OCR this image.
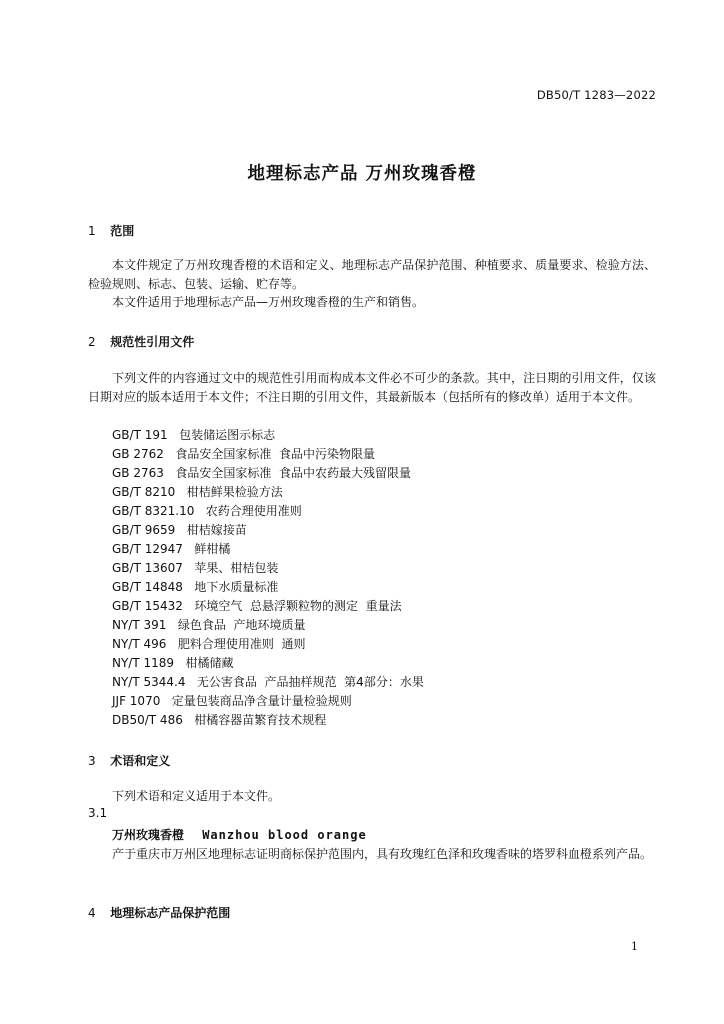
DB50/T 1283—2022
地理标志产品 万州玫瑰香橙
1 范围
本文件规定了万州玫瑰香橙的术语和定义、地理标志产品保护范围、种植要求、质量要求、检验方法、检验规则、标志、包装、运输、贮存等。
本文件适用于地理标志产品—万州玫瑰香橙的生产和销售。
2 规范性引用文件
下列文件的内容通过文中的规范性引用而构成本文件必不可少的条款。其中，注日期的引用文件，仅该日期对应的版本适用于本文件；不注日期的引用文件，其最新版本（包括所有的修改单）适用于本文件。
GB/T 191   包装储运图示标志
GB 2762   食品安全国家标准  食品中污染物限量
GB 2763   食品安全国家标准  食品中农药最大残留限量
GB/T 8210   柑桔鲜果检验方法
GB/T 8321.10   农药合理使用准则
GB/T 9659   柑桔嫁接苗
GB/T 12947   鲜柑橘
GB/T 13607   苹果、柑桔包装
GB/T 14848   地下水质量标准
GB/T 15432   环境空气  总悬浮颗粒物的测定  重量法
NY/T 391   绿色食品  产地环境质量
NY/T 496   肥料合理使用准则  通则
NY/T 1189   柑橘储藏
NY/T 5344.4   无公害食品  产品抽样规范  第4部分：水果
JJF 1070   定量包装商品净含量计量检验规则
DB50/T 486   柑橘容器苗繁育技术规程
3 术语和定义
下列术语和定义适用于本文件。
3.1
万州玫瑰香橙 Wanzhou blood orange
产于重庆市万州区地理标志证明商标保护范围内，具有玫瑰红色泽和玫瑰香味的塔罗科血橙系列产品。
4 地理标志产品保护范围
1
